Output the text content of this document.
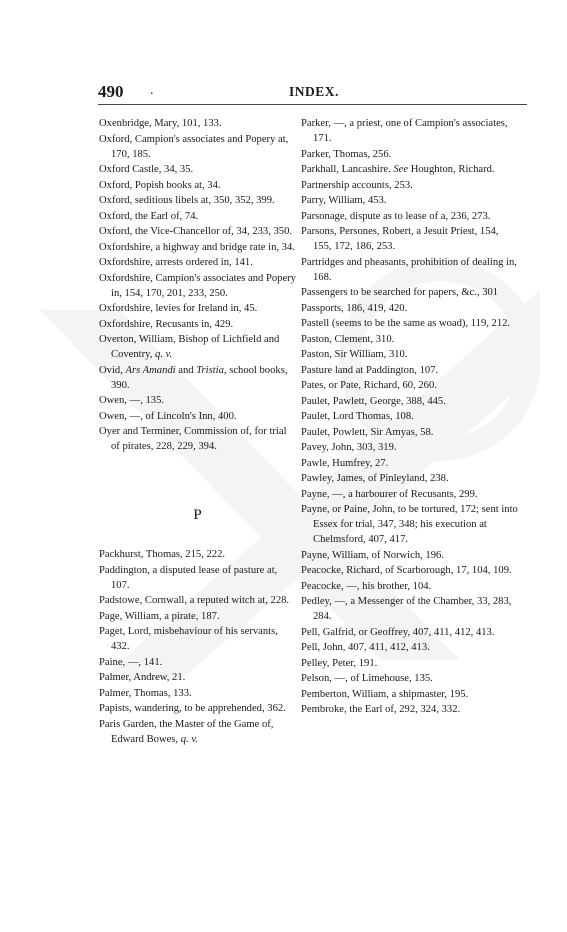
490 .	INDEX.
Oxenbridge, Mary, 101, 133.
Oxford, Campion's associates and Popery at, 170, 185.
Oxford Castle, 34, 35.
Oxford, Popish books at, 34.
Oxford, seditious libels at, 350, 352, 399.
Oxford, the Earl of, 74.
Oxford, the Vice-Chancellor of, 34, 233, 350.
Oxfordshire, a highway and bridge rate in, 34.
Oxfordshire, arrests ordered in, 141.
Oxfordshire, Campion's associates and Popery in, 154, 170, 201, 233, 250.
Oxfordshire, levies for Ireland in, 45.
Oxfordshire, Recusants in, 429.
Overton, William, Bishop of Lichfield and Coventry, q. v.
Ovid, Ars Amandi and Tristia, school books, 390.
Owen, —, 135.
Owen, —, of Lincoln's Inn, 400.
Oyer and Terminer, Commission of, for trial of pirates, 228, 229, 394.
P
Packhurst, Thomas, 215, 222.
Paddington, a disputed lease of pasture at, 107.
Padstowe, Cornwall, a reputed witch at, 228.
Page, William, a pirate, 187.
Paget, Lord, misbehaviour of his servants, 432.
Paine, —, 141.
Palmer, Andrew, 21.
Palmer, Thomas, 133.
Papists, wandering, to be apprehended, 362.
Paris Garden, the Master of the Game of, Edward Bowes, q. v.
Parker, —, a priest, one of Campion's associates, 171.
Parker, Thomas, 256.
Parkhall, Lancashire. See Houghton, Richard.
Partnership accounts, 253.
Parry, William, 453.
Parsonage, dispute as to lease of a, 236, 273.
Parsons, Persones, Robert, a Jesuit Priest, 154, 155, 172, 186, 253.
Partridges and pheasants, prohibition of dealing in, 168.
Passengers to be searched for papers, &c., 301
Passports, 186, 419, 420.
Pastell (seems to be the same as woad), 119, 212.
Paston, Clement, 310.
Paston, Sir William, 310.
Pasture land at Paddington, 107.
Pates, or Pate, Richard, 60, 260.
Paulet, Pawlett, George, 388, 445.
Paulet, Lord Thomas, 108.
Paulet, Powlett, Sir Amyas, 58.
Pavey, John, 303, 319.
Pawle, Humfrey, 27.
Pawley, James, of Pinleyland, 238.
Payne, —, a harbourer of Recusants, 299.
Payne, or Paine, John, to be tortured, 172; sent into Essex for trial, 347, 348; his execution at Chelmsford, 407, 417.
Payne, William, of Norwich, 196.
Peacocke, Richard, of Scarborough, 17, 104, 109.
Peacocke, —, his brother, 104.
Pedley, —, a Messenger of the Chamber, 33, 283, 284.
Pell, Galfrid, or Geoffrey, 407, 411, 412, 413.
Pell, John, 407, 411, 412, 413.
Pelley, Peter, 191.
Pelson, —, of Limehouse, 135.
Pemberton, William, a shipmaster, 195.
Pembroke, the Earl of, 292, 324, 332.
